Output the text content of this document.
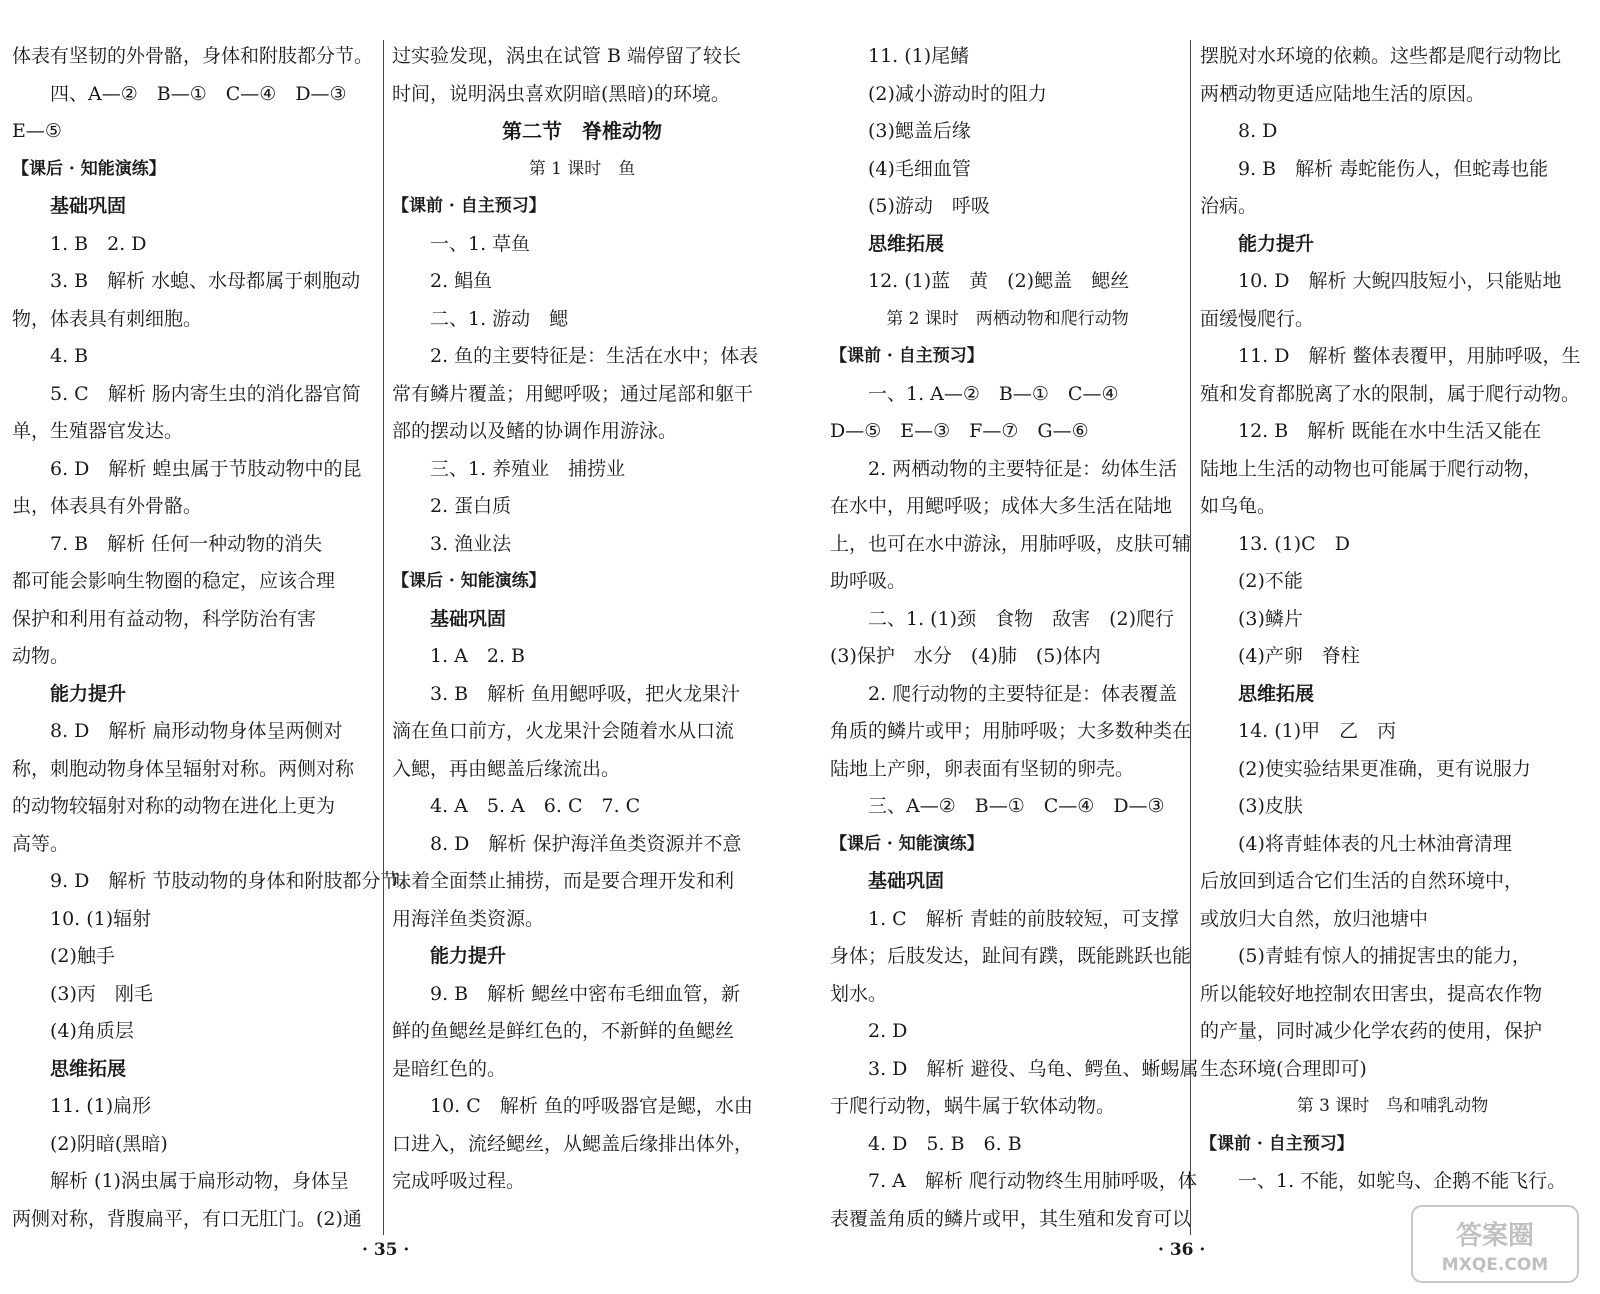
体表有坚韧的外骨骼，身体和附肢都分节。
四、A—②　B—①　C—④　D—③
E—⑤
【课后 · 知能演练】
基础巩固
1. B　2. D
3. B　解析 水螅、水母都属于刺胞动
物，体表具有刺细胞。
4. B
5. C　解析 肠内寄生虫的消化器官简
单，生殖器官发达。
6. D　解析 蝗虫属于节肢动物中的昆
虫，体表具有外骨骼。
7. B　解析 任何一种动物的消失
都可能会影响生物圈的稳定，应该合理
保护和利用有益动物，科学防治有害
动物。
能力提升
8. D　解析 扁形动物身体呈两侧对
称，刺胞动物身体呈辐射对称。两侧对称
的动物较辐射对称的动物在进化上更为
高等。
9. D　解析 节肢动物的身体和附肢都分节。
10. (1)辐射
(2)触手
(3)丙　刚毛
(4)角质层
思维拓展
11. (1)扁形
(2)阴暗(黑暗)
解析 (1)涡虫属于扁形动物，身体呈
两侧对称，背腹扁平，有口无肛门。(2)通
过实验发现，涡虫在试管 B 端停留了较长
时间，说明涡虫喜欢阴暗(黑暗)的环境。
第二节　脊椎动物
第 1 课时　鱼
【课前 · 自主预习】
一、1. 草鱼
2. 鲳鱼
二、1. 游动　鳃
2. 鱼的主要特征是：生活在水中；体表
常有鳞片覆盖；用鳃呼吸；通过尾部和躯干
部的摆动以及鳍的协调作用游泳。
三、1. 养殖业　捕捞业
2. 蛋白质
3. 渔业法
【课后 · 知能演练】
基础巩固
1. A　2. B
3. B　解析 鱼用鳃呼吸，把火龙果汁
滴在鱼口前方，火龙果汁会随着水从口流
入鳃，再由鳃盖后缘流出。
4. A　5. A　6. C　7. C
8. D　解析 保护海洋鱼类资源并不意
味着全面禁止捕捞，而是要合理开发和利
用海洋鱼类资源。
能力提升
9. B　解析 鳃丝中密布毛细血管，新
鲜的鱼鳃丝是鲜红色的，不新鲜的鱼鳃丝
是暗红色的。
10. C　解析 鱼的呼吸器官是鳃，水由
口进入，流经鳃丝，从鳃盖后缘排出体外，
完成呼吸过程。
· 35 ·
11. (1)尾鳍
(2)减小游动时的阻力
(3)鳃盖后缘
(4)毛细血管
(5)游动　呼吸
思维拓展
12. (1)蓝　黄　(2)鳃盖　鳃丝
第 2 课时　两栖动物和爬行动物
【课前 · 自主预习】
一、1. A—②　B—①　C—④
D—⑤　E—③　F—⑦　G—⑥
2. 两栖动物的主要特征是：幼体生活
在水中，用鳃呼吸；成体大多生活在陆地
上，也可在水中游泳，用肺呼吸，皮肤可辅
助呼吸。
二、1. (1)颈　食物　敌害　(2)爬行
(3)保护　水分　(4)肺　(5)体内
2. 爬行动物的主要特征是：体表覆盖
角质的鳞片或甲；用肺呼吸；大多数种类在
陆地上产卵，卵表面有坚韧的卵壳。
三、A—②　B—①　C—④　D—③
【课后 · 知能演练】
基础巩固
1. C　解析 青蛙的前肢较短，可支撑
身体；后肢发达，趾间有蹼，既能跳跃也能
划水。
2. D
3. D　解析 避役、乌龟、鳄鱼、蜥蜴属
于爬行动物，蜗牛属于软体动物。
4. D　5. B　6. B
7. A　解析 爬行动物终生用肺呼吸，体
表覆盖角质的鳞片或甲，其生殖和发育可以
摆脱对水环境的依赖。这些都是爬行动物比
两栖动物更适应陆地生活的原因。
8. D
9. B　解析 毒蛇能伤人，但蛇毒也能
治病。
能力提升
10. D　解析 大鲵四肢短小，只能贴地
面缓慢爬行。
11. D　解析 鳖体表覆甲，用肺呼吸，生
殖和发育都脱离了水的限制，属于爬行动物。
12. B　解析 既能在水中生活又能在
陆地上生活的动物也可能属于爬行动物，
如乌龟。
13. (1)C　D
(2)不能
(3)鳞片
(4)产卵　脊柱
思维拓展
14. (1)甲　乙　丙
(2)使实验结果更准确，更有说服力
(3)皮肤
(4)将青蛙体表的凡士林油膏清理
后放回到适合它们生活的自然环境中，
或放归大自然，放归池塘中
(5)青蛙有惊人的捕捉害虫的能力，
所以能较好地控制农田害虫，提高农作物
的产量，同时减少化学农药的使用，保护
生态环境(合理即可)
第 3 课时　鸟和哺乳动物
【课前 · 自主预习】
一、1. 不能，如鸵鸟、企鹅不能飞行。
· 36 ·	答案圈
MXQE.COM
